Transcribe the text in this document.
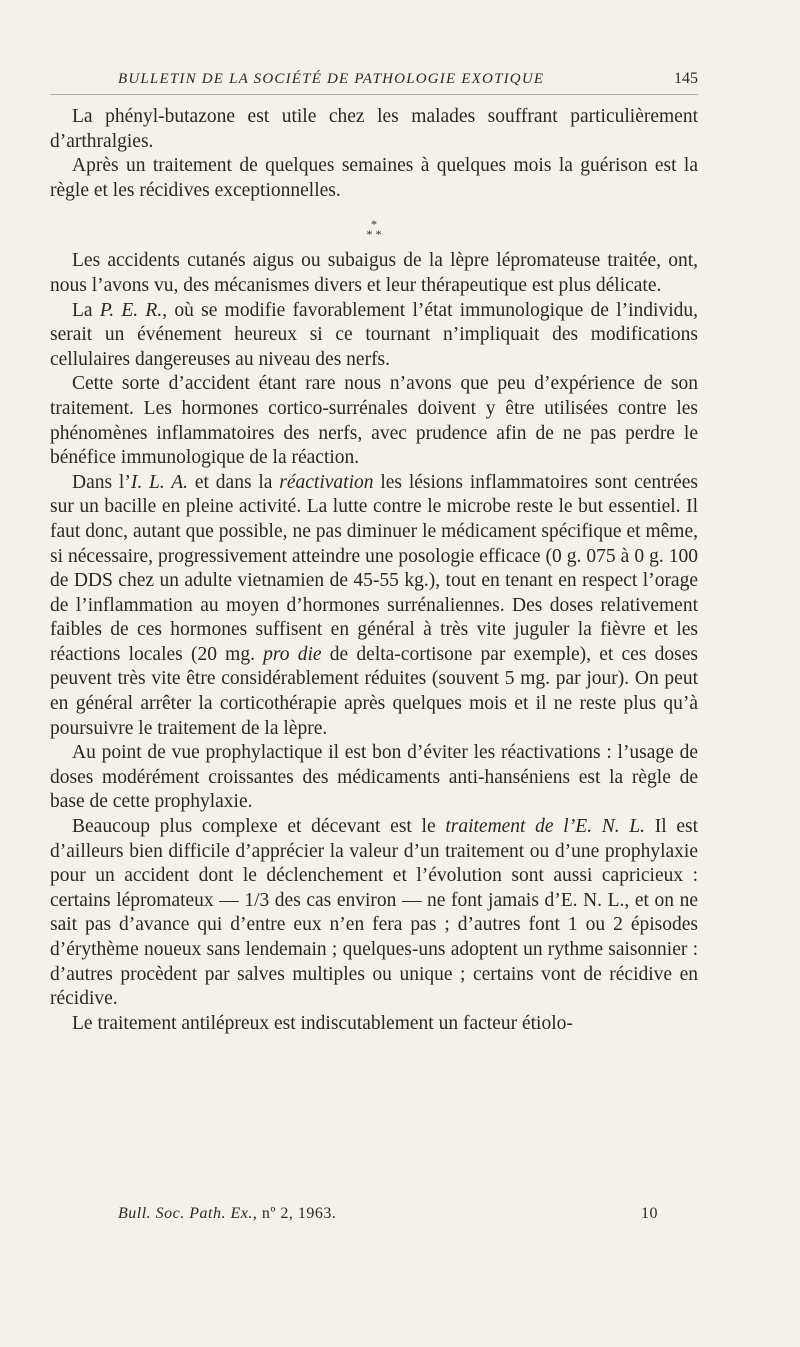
BULLETIN DE LA SOCIÉTÉ DE PATHOLOGIE EXOTIQUE	145

La phényl-butazone est utile chez les malades souffrant particulièrement d’arthralgies.

Après un traitement de quelques semaines à quelques mois la guérison est la règle et les récidives exceptionnelles.

*
* *

Les accidents cutanés aigus ou subaigus de la lèpre lépromateuse traitée, ont, nous l’avons vu, des mécanismes divers et leur thérapeutique est plus délicate.

La P. E. R., où se modifie favorablement l’état immunologique de l’individu, serait un événement heureux si ce tournant n’impliquait des modifications cellulaires dangereuses au niveau des nerfs.

Cette sorte d’accident étant rare nous n’avons que peu d’expérience de son traitement. Les hormones cortico-surrénales doivent y être utilisées contre les phénomènes inflammatoires des nerfs, avec prudence afin de ne pas perdre le bénéfice immunologique de la réaction.

Dans l’I. L. A. et dans la réactivation les lésions inflammatoires sont centrées sur un bacille en pleine activité. La lutte contre le microbe reste le but essentiel. Il faut donc, autant que possible, ne pas diminuer le médicament spécifique et même, si nécessaire, progressivement atteindre une posologie efficace (0 g. 075 à 0 g. 100 de DDS chez un adulte vietnamien de 45-55 kg.), tout en tenant en respect l’orage de l’inflammation au moyen d’hormones surrénaliennes. Des doses relativement faibles de ces hormones suffisent en général à très vite juguler la fièvre et les réactions locales (20 mg. pro die de delta-cortisone par exemple), et ces doses peuvent très vite être considérablement réduites (souvent 5 mg. par jour). On peut en général arrêter la corticothérapie après quelques mois et il ne reste plus qu’à poursuivre le traitement de la lèpre.

Au point de vue prophylactique il est bon d’éviter les réactivations : l’usage de doses modérément croissantes des médicaments anti-hanséniens est la règle de base de cette prophylaxie.

Beaucoup plus complexe et décevant est le traitement de l’E. N. L. Il est d’ailleurs bien difficile d’apprécier la valeur d’un traitement ou d’une prophylaxie pour un accident dont le déclenchement et l’évolution sont aussi capricieux : certains lépromateux — 1/3 des cas environ — ne font jamais d’E. N. L., et on ne sait pas d’avance qui d’entre eux n’en fera pas ; d’autres font 1 ou 2 épisodes d’érythème noueux sans lendemain ; quelques-uns adoptent un rythme saisonnier : d’autres procèdent par salves multiples ou unique ; certains vont de récidive en récidive.

Le traitement antilépreux est indiscutablement un facteur étiolo-

Bull. Soc. Path. Ex., nº 2, 1963.	10
